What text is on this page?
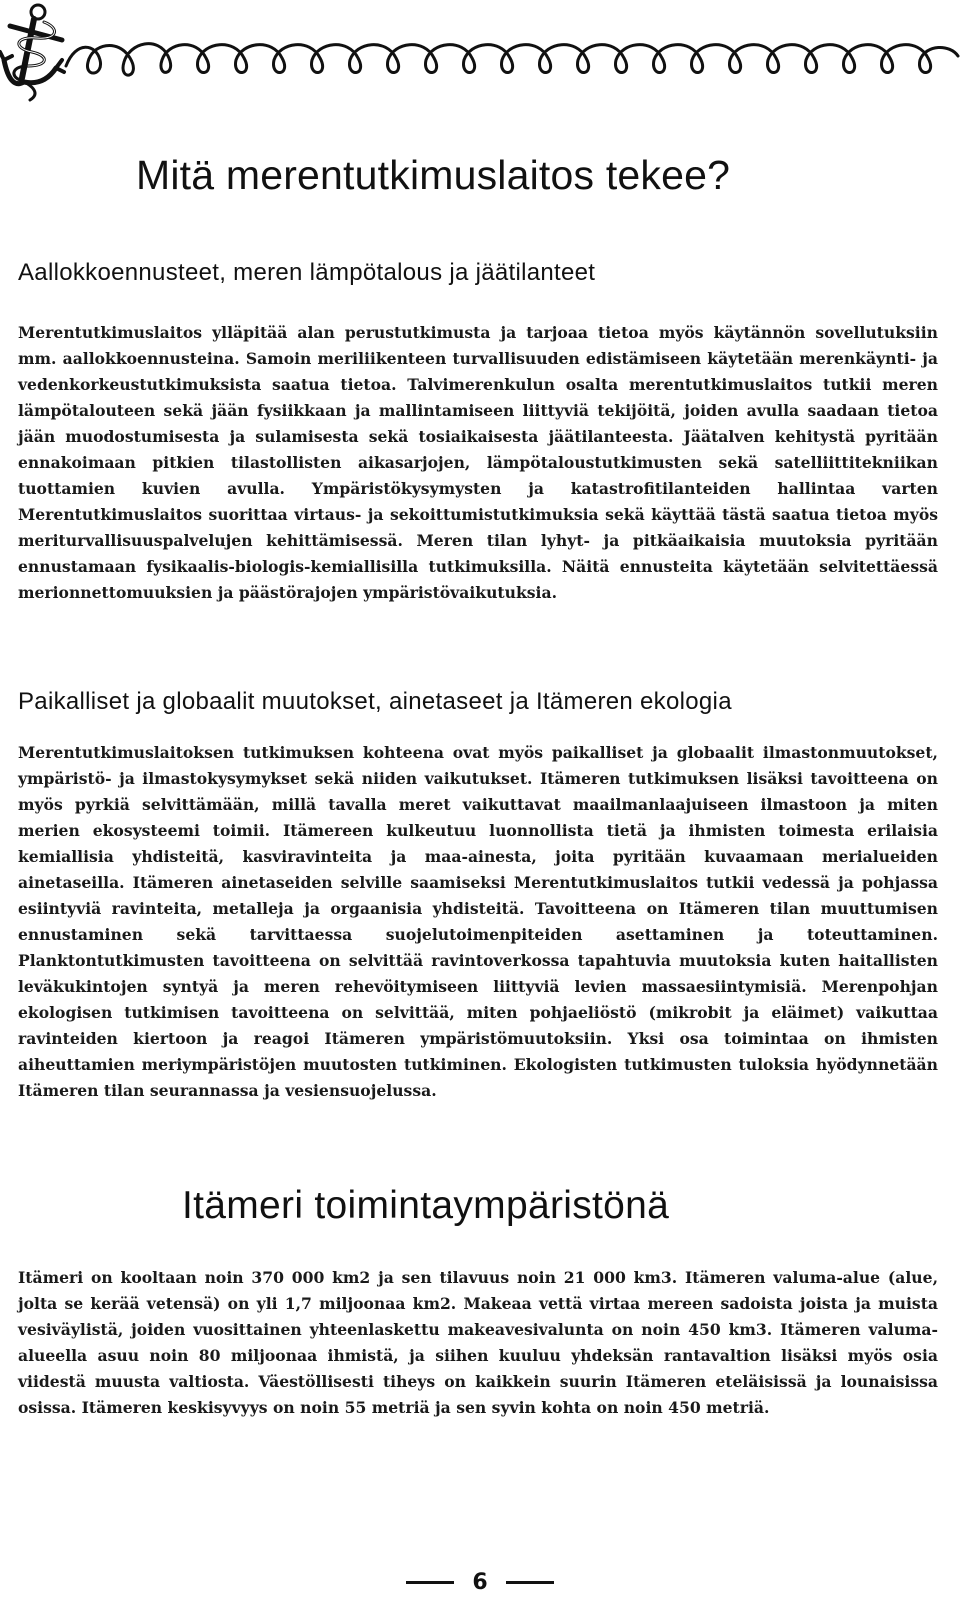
Mitä merentutkimuslaitos tekee?
Aallokkoennusteet, meren lämpötalous ja jäätilanteet

Merentutkimuslaitos ylläpitää alan perustutkimusta ja tarjoaa tietoa myös käytännön sovellutuksiin mm. aallokkoennusteina. Samoin meriliikenteen turvallisuuden edistämiseen käytetään merenkäynti- ja vedenkorkeustutkimuksista saatua tietoa. Talvimerenkulun osalta merentutkimuslaitos tutkii meren lämpötalouteen sekä jään fysiikkaan ja mallintamiseen liittyviä tekijöitä, joiden avulla saadaan tietoa jään muodostumisesta ja sulamisesta sekä tosiaikaisesta jäätilanteesta. Jäätalven kehitystä pyritään ennakoimaan pitkien tilastollisten aikasarjojen, lämpötaloustutkimusten sekä satelliittitekniikan tuottamien kuvien avulla. Ympäristökysymysten ja katastrofitilanteiden hallintaa varten Merentutkimuslaitos suorittaa virtaus- ja sekoittumistutkimuksia sekä käyttää tästä saatua tietoa myös meriturvallisuuspalvelujen kehittämisessä. Meren tilan lyhyt- ja pitkäaikaisia muutoksia pyritään ennustamaan fysikaalis-biologis-kemiallisilla tutkimuksilla. Näitä ennusteita käytetään selvitettäessä merionnettomuuksien ja päästörajojen ympäristövaikutuksia.

Paikalliset ja globaalit muutokset, ainetaseet ja Itämeren ekologia

Merentutkimuslaitoksen tutkimuksen kohteena ovat myös paikalliset ja globaalit ilmastonmuutokset, ympäristö- ja ilmastokysymykset sekä niiden vaikutukset. Itämeren tutkimuksen lisäksi tavoitteena on myös pyrkiä selvittämään, millä tavalla meret vaikuttavat maailmanlaajuiseen ilmastoon ja miten merien ekosysteemi toimii. Itämereen kulkeutuu luonnollista tietä ja ihmisten toimesta erilaisia kemiallisia yhdisteitä, kasviravinteita ja maa-ainesta, joita pyritään kuvaamaan merialueiden ainetaseilla. Itämeren ainetaseiden selville saamiseksi Merentutkimuslaitos tutkii vedessä ja pohjassa esiintyviä ravinteita, metalleja ja orgaanisia yhdisteitä. Tavoitteena on Itämeren tilan muuttumisen ennustaminen sekä tarvittaessa suojelutoimenpiteiden asettaminen ja toteuttaminen. Planktontutkimusten tavoitteena on selvittää ravintoverkossa tapahtuvia muutoksia kuten haitallisten leväkukintojen syntyä ja meren rehevöitymiseen liittyviä levien massaesiintymisiä. Merenpohjan ekologisen tutkimisen tavoitteena on selvittää, miten pohjaeliöstö (mikrobit ja eläimet) vaikuttaa ravinteiden kiertoon ja reagoi Itämeren ympäristömuutoksiin. Yksi osa toimintaa on ihmisten aiheuttamien meriympäristöjen muutosten tutkiminen. Ekologisten tutkimusten tuloksia hyödynnetään Itämeren tilan seurannassa ja vesiensuojelussa.

Itämeri toimintaympäristönä

Itämeri on kooltaan noin 370 000 km2 ja sen tilavuus noin 21 000 km3. Itämeren valuma-alue (alue, jolta se kerää vetensä) on yli 1,7 miljoonaa km2. Makeaa vettä virtaa mereen sadoista joista ja muista vesiväylistä, joiden vuosittainen yhteenlaskettu makeavesivalunta on noin 450 km3. Itämeren valuma-alueella asuu noin 80 miljoonaa ihmistä, ja siihen kuuluu yhdeksän rantavaltion lisäksi myös osia viidestä muusta valtiosta. Väestöllisesti tiheys on kaikkein suurin Itämeren eteläisissä ja lounaisissa osissa. Itämeren keskisyvyys on noin 55 metriä ja sen syvin kohta on noin 450 metriä.

6
